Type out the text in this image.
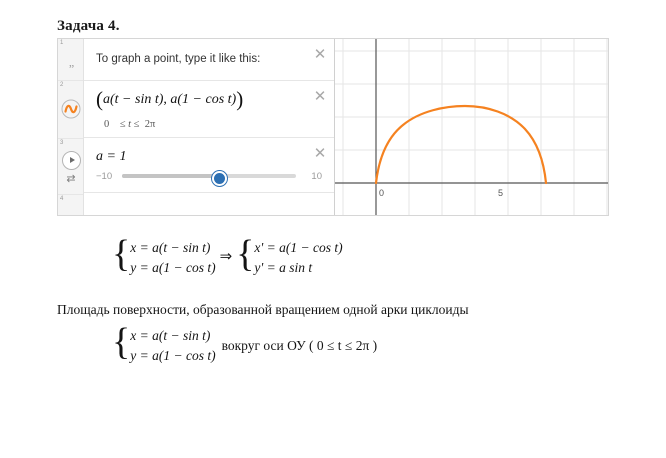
Задача 4.
1
„
2
3
⇄
4
To graph a point, type it like this:	✕
(a(t − sin t), a(1 − cos t))
0 ≤ t ≤ 2π
✕
a = 1
−10	10
✕
0	5
{ x = a(t − sin t)
y = a(1 − cos t)
⇒ { x' = a(1 − cos t)
y' = a sin t
Площадь поверхности, образованной вращением одной арки циклоиды
{ x = a(t − sin t)
y = a(1 − cos t)
вокруг оси ОУ ( 0 ≤ t ≤ 2π )
